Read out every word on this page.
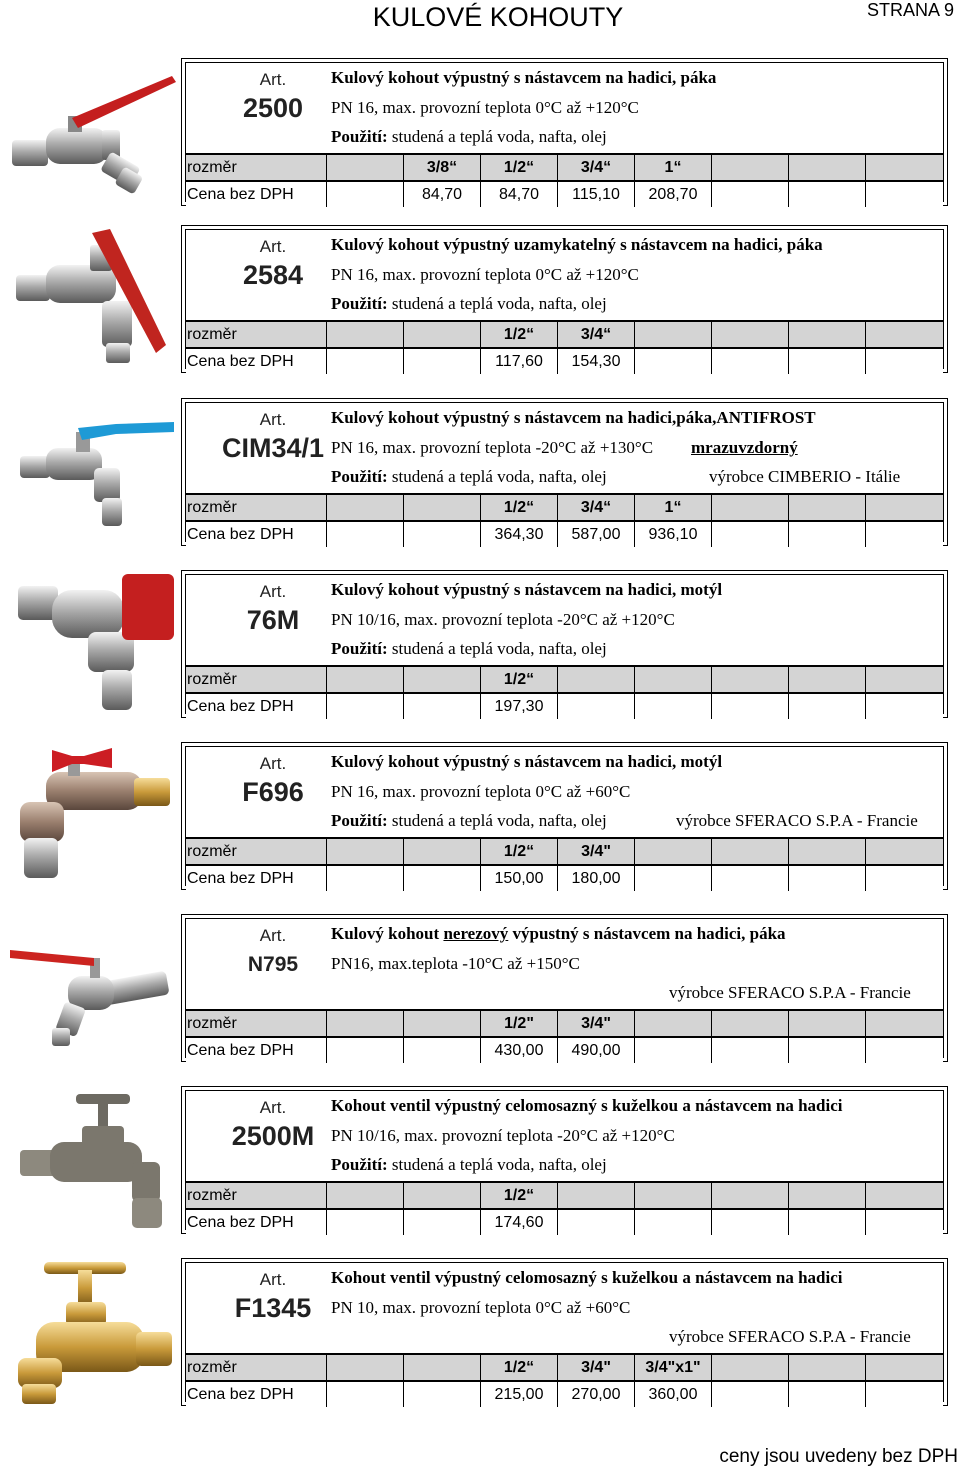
KULOVÉ KOHOUTY	STRANA 9
Art.
2500
Kulový kohout výpustný s nástavcem na hadici, páka
PN 16, max. provozní teplota 0°C až +120°C
Použití: studená a teplá voda, nafta, olej
rozměr	3/8“	1/2“	3/4“	1“
Cena bez DPH	84,70	84,70	115,10	208,70
Art.
2584
Kulový kohout výpustný uzamykatelný s nástavcem na hadici, páka
PN 16, max. provozní teplota 0°C až +120°C
Použití: studená a teplá voda, nafta, olej
rozměr	1/2“	3/4“
Cena bez DPH	117,60	154,30
Art.
CIM34/1
Kulový kohout výpustný s nástavcem na hadici,páka,ANTIFROST
PN 16, max. provozní teplota -20°C až +130°C mrazuvzdorný
Použití: studená a teplá voda, nafta, olej	výrobce CIMBERIO - Itálie
rozměr	1/2“	3/4“	1“
Cena bez DPH	364,30	587,00	936,10
Art.
76M
Kulový kohout výpustný s nástavcem na hadici, motýl
PN 10/16, max. provozní teplota -20°C až +120°C
Použití: studená a teplá voda, nafta, olej
rozměr	1/2“
Cena bez DPH	197,30
Art.
F696
Kulový kohout výpustný s nástavcem na hadici, motýl
PN 16, max. provozní teplota 0°C až +60°C
Použití: studená a teplá voda, nafta, olej	výrobce SFERACO S.P.A - Francie
rozměr	1/2“	3/4"
Cena bez DPH	150,00	180,00
Art.
N795
Kulový kohout nerezový výpustný s nástavcem na hadici, páka
PN16, max.teplota -10°C až +150°C
výrobce SFERACO S.P.A - Francie
rozměr	1/2"	3/4"
Cena bez DPH	430,00	490,00
Art.
2500M
Kohout ventil výpustný celomosazný s kuželkou a nástavcem na hadici
PN 10/16, max. provozní teplota -20°C až +120°C
Použití: studená a teplá voda, nafta, olej
rozměr	1/2“
Cena bez DPH	174,60
Art.
F1345
Kohout ventil výpustný celomosazný s kuželkou a nástavcem na hadici
PN 10, max. provozní teplota 0°C až +60°C
výrobce SFERACO S.P.A - Francie
rozměr	1/2“	3/4"	3/4"x1"
Cena bez DPH	215,00	270,00	360,00
ceny jsou uvedeny bez DPH
